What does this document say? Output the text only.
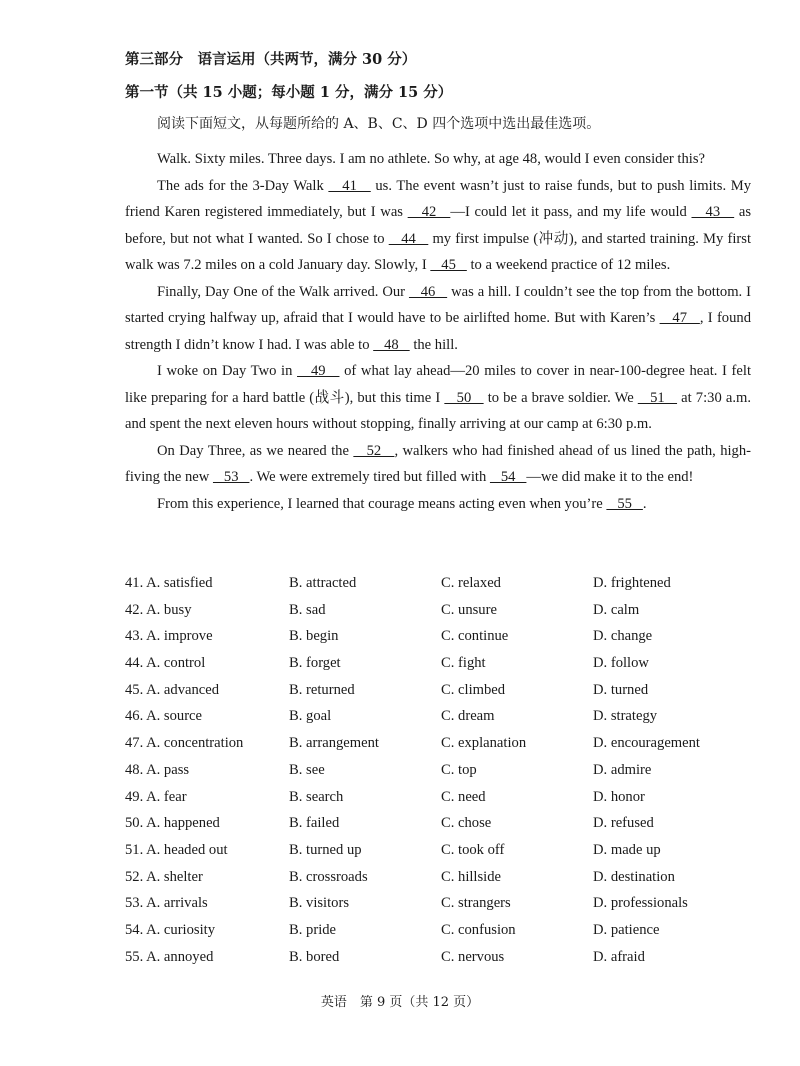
第三部分　语言运用（共两节，满分 30 分）
第一节（共 15 小题；每小题 1 分，满分 15 分）
阅读下面短文，从每题所给的 A、B、C、D 四个选项中选出最佳选项。

Walk. Sixty miles. Three days. I am no athlete. So why, at age 48, would I even consider this?

The ads for the 3-Day Walk    41    us. The event wasn’t just to raise funds, but to push limits. My friend Karen registered immediately, but I was    42   —I could let it pass, and my life would    43    as before, but not what I wanted. So I chose to    44    my first impulse (冲动), and started training. My first walk was 7.2 miles on a cold January day. Slowly, I    45    to a weekend practice of 12 miles.

Finally, Day One of the Walk arrived. Our    46    was a hill. I couldn’t see the top from the bottom. I started crying halfway up, afraid that I would have to be airlifted home. But with Karen’s    47   , I found strength I didn’t know I had. I was able to    48    the hill.

I woke on Day Two in    49    of what lay ahead—20 miles to cover in near-100-degree heat. I felt like preparing for a hard battle (战斗), but this time I    50    to be a brave soldier. We    51    at 7:30 a.m. and spent the next eleven hours without stopping, finally arriving at our camp at 6:30 p.m.

On Day Three, as we neared the    52   , walkers who had finished ahead of us lined the path, high-fiving the new    53   . We were extremely tired but filled with    54   —we did make it to the end!

From this experience, I learned that courage means acting even when you’re    55   .

41. A. satisfied	B. attracted	C. relaxed	D. frightened
42. A. busy	B. sad	C. unsure	D. calm
43. A. improve	B. begin	C. continue	D. change
44. A. control	B. forget	C. fight	D. follow
45. A. advanced	B. returned	C. climbed	D. turned
46. A. source	B. goal	C. dream	D. strategy
47. A. concentration	B. arrangement	C. explanation	D. encouragement
48. A. pass	B. see	C. top	D. admire
49. A. fear	B. search	C. need	D. honor
50. A. happened	B. failed	C. chose	D. refused
51. A. headed out	B. turned up	C. took off	D. made up
52. A. shelter	B. crossroads	C. hillside	D. destination
53. A. arrivals	B. visitors	C. strangers	D. professionals
54. A. curiosity	B. pride	C. confusion	D. patience
55. A. annoyed	B. bored	C. nervous	D. afraid
英语　第 9 页（共 12 页）
